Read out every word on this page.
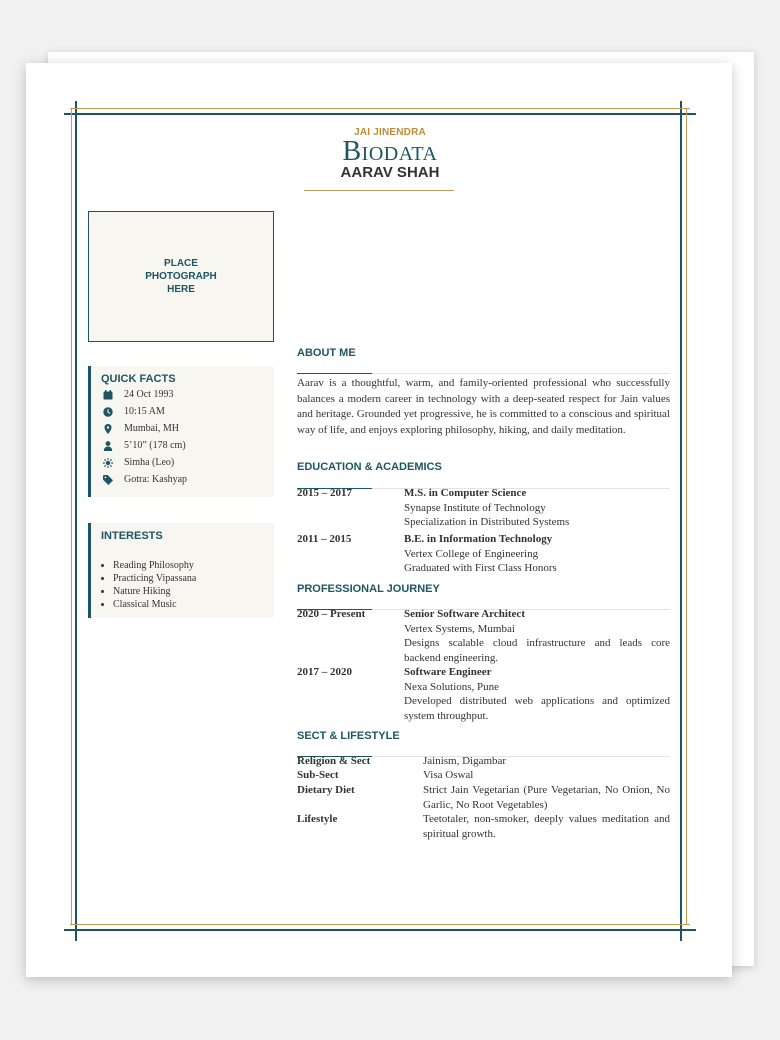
JAI JINENDRA
Biodata
AARAV SHAH
PLACE
PHOTOGRAPH
HERE
QUICK FACTS
24 Oct 1993
10:15 AM
Mumbai, MH
5’10” (178 cm)
Simha (Leo)
Gotra: Kashyap
INTERESTS
• Reading Philosophy
• Practicing Vipassana
• Nature Hiking
• Classical Music
ABOUT ME
Aarav is a thoughtful, warm, and family-oriented professional who successfully balances a modern career in technology with a deep-seated respect for Jain values and heritage. Grounded yet progressive, he is committed to a conscious and spiritual way of life, and enjoys exploring philosophy, hiking, and daily meditation.
EDUCATION & ACADEMICS
2015 – 2017	M.S. in Computer Science
Synapse Institute of Technology
Specialization in Distributed Systems
2011 – 2015	B.E. in Information Technology
Vertex College of Engineering
Graduated with First Class Honors
PROFESSIONAL JOURNEY
2020 – Present	Senior Software Architect
Vertex Systems, Mumbai
Designs scalable cloud infrastructure and leads core backend engineering.
2017 – 2020	Software Engineer
Nexa Solutions, Pune
Developed distributed web applications and optimized system throughput.
SECT & LIFESTYLE
Religion & Sect	Jainism, Digambar
Sub-Sect	Visa Oswal
Dietary Diet	Strict Jain Vegetarian (Pure Vegetarian, No Onion, No Garlic, No Root Vegetables)
Lifestyle	Teetotaler, non-smoker, deeply values meditation and spiritual growth.
